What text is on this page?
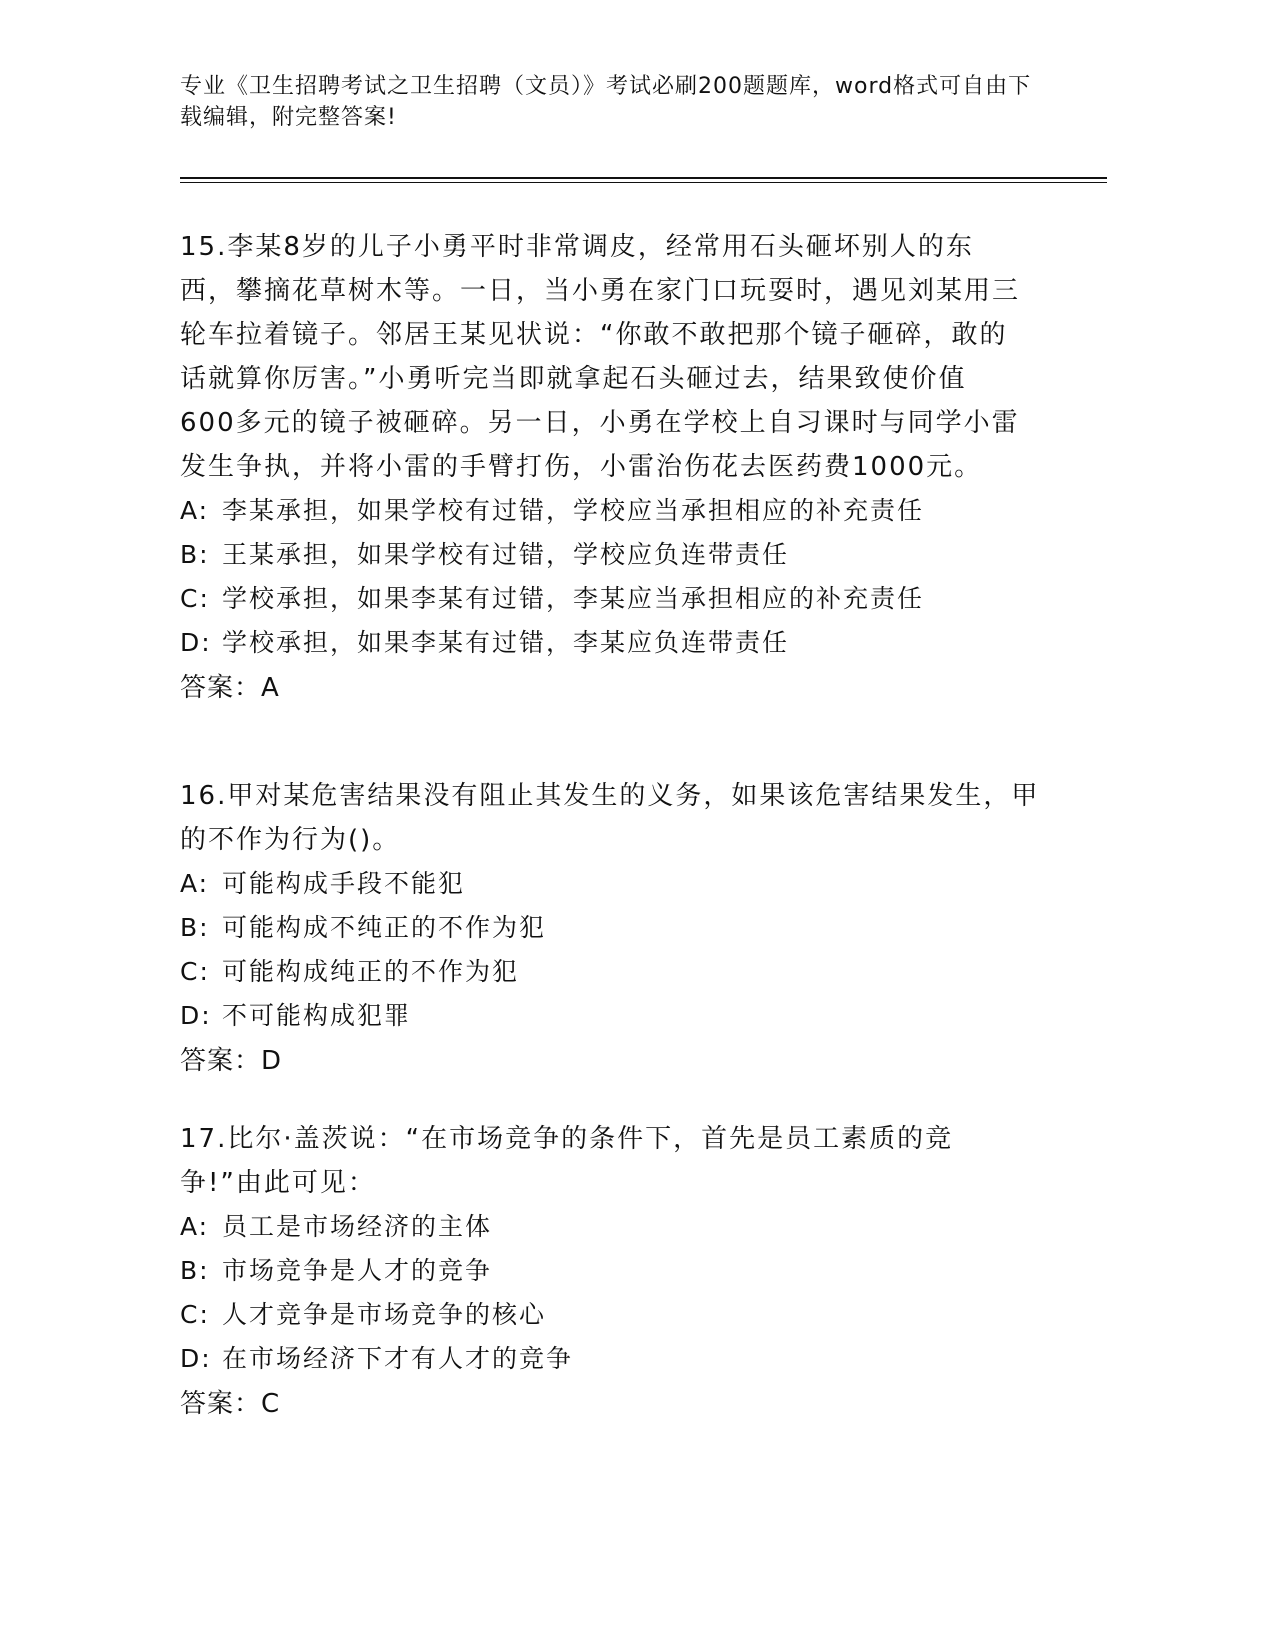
专业《卫生招聘考试之卫生招聘（文员）》考试必刷200题题库，word格式可自由下载编辑，附完整答案!

15.李某8岁的儿子小勇平时非常调皮，经常用石头砸坏别人的东西，攀摘花草树木等。一日，当小勇在家门口玩耍时，遇见刘某用三轮车拉着镜子。邻居王某见状说：“你敢不敢把那个镜子砸碎，敢的话就算你厉害。”小勇听完当即就拿起石头砸过去，结果致使价值600多元的镜子被砸碎。另一日，小勇在学校上自习课时与同学小雷发生争执，并将小雷的手臂打伤，小雷治伤花去医药费1000元。

A: 李某承担，如果学校有过错，学校应当承担相应的补充责任

B: 王某承担，如果学校有过错，学校应负连带责任

C: 学校承担，如果李某有过错，李某应当承担相应的补充责任

D: 学校承担，如果李某有过错，李某应负连带责任

答案：A

16.甲对某危害结果没有阻止其发生的义务，如果该危害结果发生，甲的不作为行为()。

A: 可能构成手段不能犯

B: 可能构成不纯正的不作为犯

C: 可能构成纯正的不作为犯

D: 不可能构成犯罪

答案：D

17.比尔·盖茨说：“在市场竞争的条件下，首先是员工素质的竞争!”由此可见：

A: 员工是市场经济的主体

B: 市场竞争是人才的竞争

C: 人才竞争是市场竞争的核心

D: 在市场经济下才有人才的竞争

答案：C
